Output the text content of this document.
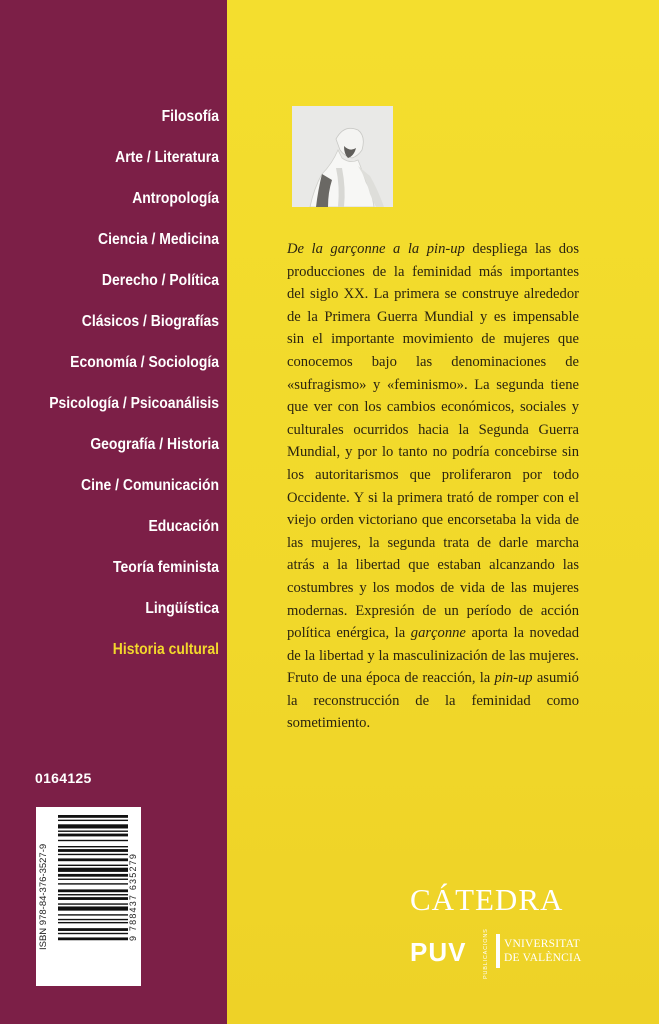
Filosofía
Arte / Literatura
Antropología
Ciencia / Medicina
Derecho / Política
Clásicos / Biografías
Economía / Sociología
Psicología / Psicoanálisis
Geografía / Historia
Cine / Comunicación
Educación
Teoría feminista
Lingüística
Historia cultural
0164125
ISBN 978-84-376-3527-9	9 788437 635279

De la garçonne a la pin-up despliega las dos producciones de la feminidad más importantes del siglo XX. La primera se construye alrededor de la Primera Guerra Mundial y es impensable sin el importante movimiento de mujeres que conocemos bajo las denominaciones de «sufragismo» y «feminismo». La segunda tiene que ver con los cambios económicos, sociales y culturales ocurridos hacia la Segunda Guerra Mundial, y por lo tanto no podría concebirse sin los autoritarismos que proliferaron por todo Occidente. Y si la primera trató de romper con el viejo orden victoriano que encorsetaba la vida de las mujeres, la segunda trata de darle marcha atrás a la libertad que estaban alcanzando las costumbres y los modos de vida de las mujeres modernas. Expresión de un período de acción política enérgica, la garçonne aporta la novedad de la libertad y la masculinización de las mujeres. Fruto de una época de reacción, la pin-up asumió la reconstrucción de la feminidad como sometimiento.

CÁTEDRA
PUV	PUBLICACIONS	VNIVERSITAT
DE VALÈNCIA
